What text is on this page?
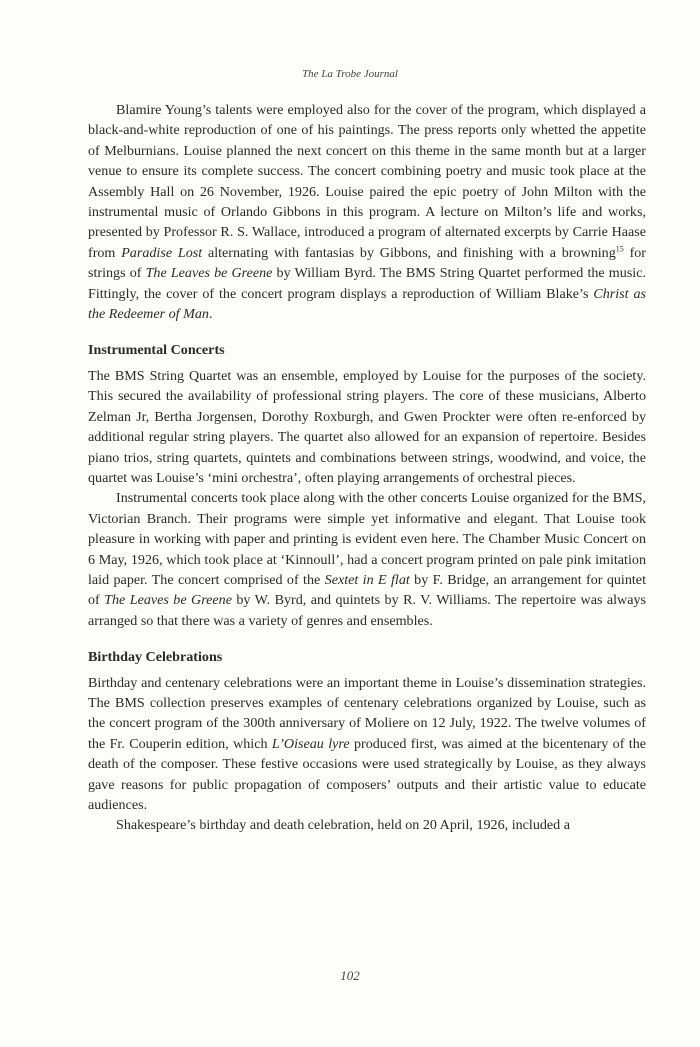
The La Trobe Journal

Blamire Young’s talents were employed also for the cover of the program, which displayed a black-and-white reproduction of one of his paintings. The press reports only whetted the appetite of Melburnians. Louise planned the next concert on this theme in the same month but at a larger venue to ensure its complete success. The concert combining poetry and music took place at the Assembly Hall on 26 November, 1926. Louise paired the epic poetry of John Milton with the instrumental music of Orlando Gibbons in this program. A lecture on Milton’s life and works, presented by Professor R. S. Wallace, introduced a program of alternated excerpts by Carrie Haase from Paradise Lost alternating with fantasias by Gibbons, and finishing with a browning$^{15}$ for strings of The Leaves be Greene by William Byrd. The BMS String Quartet performed the music. Fittingly, the cover of the concert program displays a reproduction of William Blake’s Christ as the Redeemer of Man.

Instrumental Concerts

The BMS String Quartet was an ensemble, employed by Louise for the purposes of the society. This secured the availability of professional string players. The core of these musicians, Alberto Zelman Jr, Bertha Jorgensen, Dorothy Roxburgh, and Gwen Prockter were often re-enforced by additional regular string players. The quartet also allowed for an expansion of repertoire. Besides piano trios, string quartets, quintets and combinations between strings, woodwind, and voice, the quartet was Louise’s ‘mini orchestra’, often playing arrangements of orchestral pieces.

Instrumental concerts took place along with the other concerts Louise organized for the BMS, Victorian Branch. Their programs were simple yet informative and elegant. That Louise took pleasure in working with paper and printing is evident even here. The Chamber Music Concert on 6 May, 1926, which took place at ‘Kinnoull’, had a concert program printed on pale pink imitation laid paper. The concert comprised of the Sextet in E flat by F. Bridge, an arrangement for quintet of The Leaves be Greene by W. Byrd, and quintets by R. V. Williams. The repertoire was always arranged so that there was a variety of genres and ensembles.

Birthday Celebrations

Birthday and centenary celebrations were an important theme in Louise’s dissemination strategies. The BMS collection preserves examples of centenary celebrations organized by Louise, such as the concert program of the 300th anniversary of Moliere on 12 July, 1922. The twelve volumes of the Fr. Couperin edition, which L’Oiseau lyre produced first, was aimed at the bicentenary of the death of the composer. These festive occasions were used strategically by Louise, as they always gave reasons for public propagation of composers’ outputs and their artistic value to educate audiences.

Shakespeare’s birthday and death celebration, held on 20 April, 1926, included a

102
